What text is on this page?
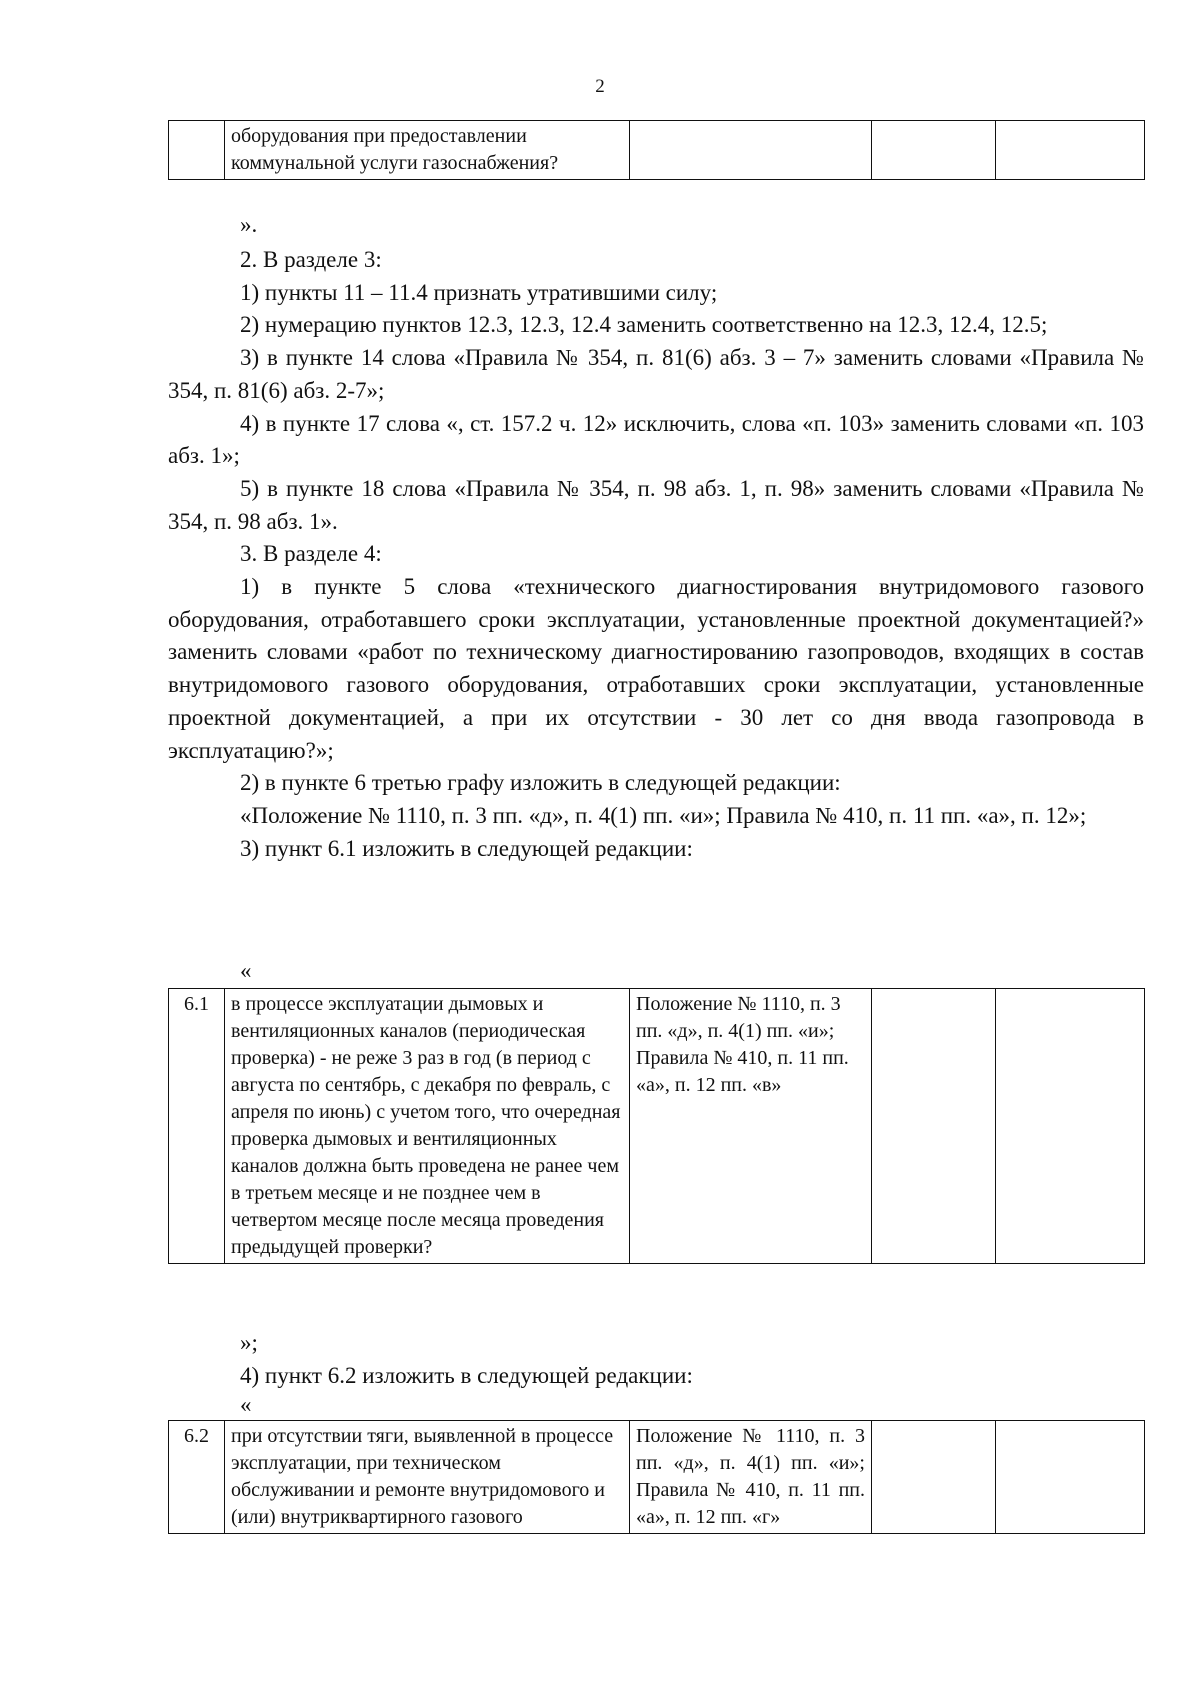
2
	оборудования при предоставлении коммунальной услуги газоснабжения?			
».

2. В разделе 3:

1) пункты 11 – 11.4 признать утратившими силу;

2) нумерацию пунктов 12.3, 12.3, 12.4 заменить соответственно на 12.3, 12.4, 12.5;

3) в пункте 14 слова «Правила № 354, п. 81(6) абз. 3 – 7» заменить словами «Правила № 354, п. 81(6) абз. 2-7»;

4) в пункте 17 слова «, ст. 157.2 ч. 12» исключить, слова «п. 103» заменить словами «п. 103 абз. 1»;

5) в пункте 18 слова «Правила № 354, п. 98 абз. 1, п. 98» заменить словами «Правила № 354, п. 98 абз. 1».

3. В разделе 4:

1) в пункте 5 слова «технического диагностирования внутридомового газового оборудования, отработавшего сроки эксплуатации, установленные проектной документацией?» заменить словами «работ по техническому диагностированию газопроводов, входящих в состав внутридомового газового оборудования, отработавших сроки эксплуатации, установленные проектной документацией, а при их отсутствии - 30 лет со дня ввода газопровода в эксплуатацию?»;

2) в пункте 6 третью графу изложить в следующей редакции:

«Положение № 1110, п. 3 пп. «д», п. 4(1) пп. «и»; Правила № 410, п. 11 пп. «а», п. 12»;

3) пункт 6.1 изложить в следующей редакции:

«
6.1	в процессе эксплуатации дымовых и вентиляционных каналов (периодическая проверка) - не реже 3 раз в год (в период с августа по сентябрь, с декабря по февраль, с апреля по июнь) с учетом того, что очередная проверка дымовых и вентиляционных каналов должна быть проведена не ранее чем в третьем месяце и не позднее чем в четвертом месяце после месяца проведения предыдущей проверки?	Положение № 1110, п. 3 пп. «д», п. 4(1) пп. «и»; Правила № 410, п. 11 пп. «а», п. 12 пп. «в»		
»;

4) пункт 6.2 изложить в следующей редакции:

«
6.2	при отсутствии тяги, выявленной в процессе эксплуатации, при техническом обслуживании и ремонте внутридомового и (или) внутриквартирного газового	Положение № 1110, п. 3 пп. «д», п. 4(1) пп. «и»; Правила № 410, п. 11 пп. «а», п. 12 пп. «г»		
